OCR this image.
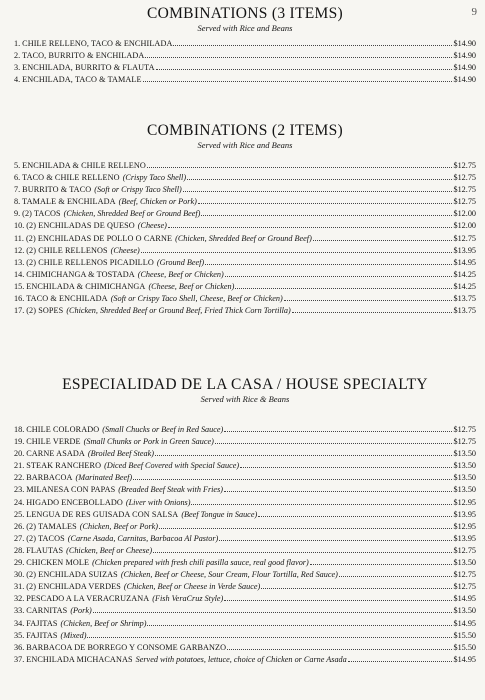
9
COMBINATIONS (3 ITEMS)
Served with Rice and Beans
1. CHILE RELLENO, TACO & ENCHILADA	$14.90
2. TACO, BURRITO & ENCHILADA	$14.90
3. ENCHILADA, BURRITO & FLAUTA	$14.90
4. ENCHILADA, TACO & TAMALE	$14.90
COMBINATIONS (2 ITEMS)
Served with Rice and Beans
5. ENCHILADA & CHILE RELLENO	$12.75
6. TACO & CHILE RELLENO (Crispy Taco Shell)	$12.75
7. BURRITO & TACO (Soft or Crispy Taco Shell)	$12.75
8. TAMALE & ENCHILADA (Beef, Chicken or Pork)	$12.75
9. (2) TACOS (Chicken, Shredded Beef or Ground Beef)	$12.00
10. (2) ENCHILADAS DE QUESO (Cheese)	$12.00
11. (2) ENCHILADAS DE POLLO O CARNE (Chicken, Shredded Beef or Ground Beef)	$12.75
12. (2) CHILE RELLENOS (Cheese)	$13.95
13. (2) CHILE RELLENOS PICADILLO (Ground Beef)	$14.95
14. CHIMICHANGA & TOSTADA (Cheese, Beef or Chicken)	$14.25
15. ENCHILADA & CHIMICHANGA (Cheese, Beef or Chicken)	$14.25
16. TACO & ENCHILADA (Soft or Crispy Taco Shell, Cheese, Beef or Chicken)	$13.75
17. (2) SOPES (Chicken, Shredded Beef or Ground Beef, Fried Thick Corn Tortilla)	$13.75
ESPECIALIDAD DE LA CASA / HOUSE SPECIALTY
Served with Rice & Beans
18. CHILE COLORADO (Small Chucks or Beef in Red Sauce)	$12.75
19. CHILE VERDE (Small Chunks or Pork in Green Sauce)	$12.75
20. CARNE ASADA (Broiled Beef Steak)	$13.50
21. STEAK RANCHERO (Diced Beef Covered with Special Sauce)	$13.50
22. BARBACOA (Marinated Beef)	$13.50
23. MILANESA CON PAPAS (Breaded Beef Steak with Fries)	$13.50
24. HIGADO ENCEBOLLADO (Liver with Onions)	$12.95
25. LENGUA DE RES GUISADA CON SALSA (Beef Tongue in Sauce)	$13.95
26. (2) TAMALES (Chicken, Beef or Pork)	$12.95
27. (2) TACOS (Carne Asada, Carnitas, Barbacoa Al Pastor)	$13.95
28. FLAUTAS (Chicken, Beef or Cheese)	$12.75
29. CHICKEN MOLE (Chicken prepared with fresh chili pasilla sauce, real good flavor)	$13.50
30. (2) ENCHILADA SUIZAS (Chicken, Beef or Cheese, Sour Cream, Flour Tortilla, Red Sauce)	$12.75
31. (2) ENCHILADA VERDES (Chicken, Beef or Cheese in Verde Sauce)	$12.75
32. PESCADO A LA VERACRUZANA (Fish VeraCruz Style)	$14.95
33. CARNITAS (Pork)	$13.50
34. FAJITAS (Chicken, Beef or Shrimp)	$14.95
35. FAJITAS (Mixed)	$15.50
36. BARBACOA DE BORREGO Y CONSOME GARBANZO	$15.50
37. ENCHILADA MICHACANAS Served with potatoes, lettuce, choice of Chicken or Carne Asada	$14.95
